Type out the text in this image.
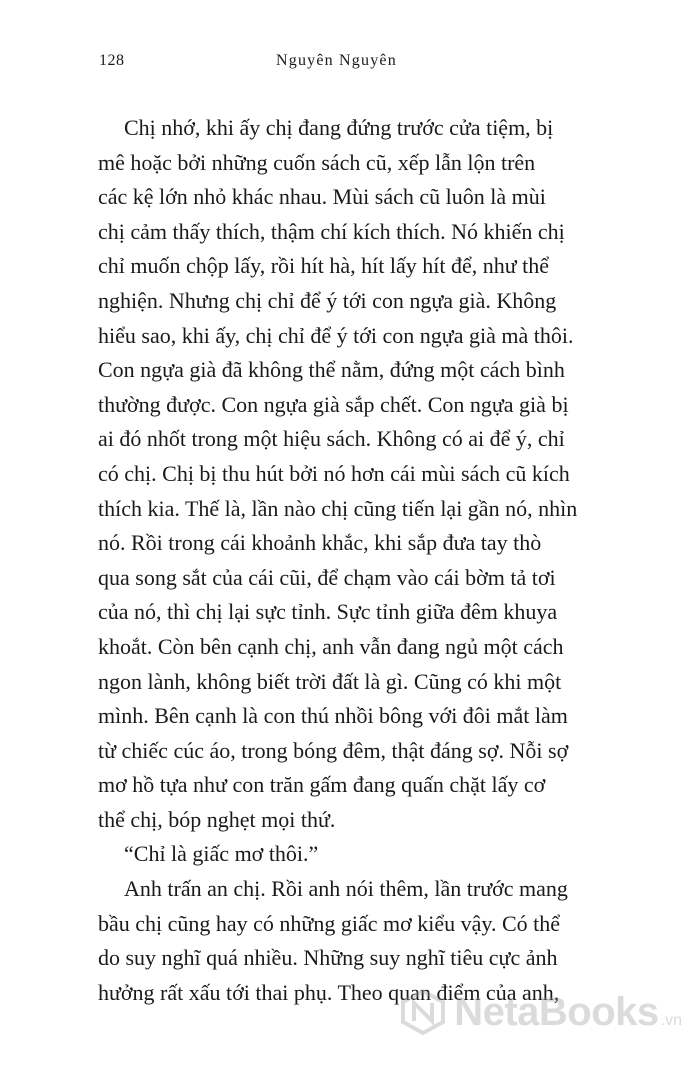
128	Nguyên Nguyên
Chị nhớ, khi ấy chị đang đứng trước cửa tiệm, bị
mê hoặc bởi những cuốn sách cũ, xếp lẫn lộn trên
các kệ lớn nhỏ khác nhau. Mùi sách cũ luôn là mùi
chị cảm thấy thích, thậm chí kích thích. Nó khiến chị
chỉ muốn chộp lấy, rồi hít hà, hít lấy hít để, như thể
nghiện. Nhưng chị chỉ để ý tới con ngựa già. Không
hiểu sao, khi ấy, chị chỉ để ý tới con ngựa già mà thôi.
Con ngựa già đã không thể nằm, đứng một cách bình
thường được. Con ngựa già sắp chết. Con ngựa già bị
ai đó nhốt trong một hiệu sách. Không có ai để ý, chỉ
có chị. Chị bị thu hút bởi nó hơn cái mùi sách cũ kích
thích kia. Thế là, lần nào chị cũng tiến lại gần nó, nhìn
nó. Rồi trong cái khoảnh khắc, khi sắp đưa tay thò
qua song sắt của cái cũi, để chạm vào cái bờm tả tơi
của nó, thì chị lại sực tỉnh. Sực tỉnh giữa đêm khuya
khoắt. Còn bên cạnh chị, anh vẫn đang ngủ một cách
ngon lành, không biết trời đất là gì. Cũng có khi một
mình. Bên cạnh là con thú nhồi bông với đôi mắt làm
từ chiếc cúc áo, trong bóng đêm, thật đáng sợ. Nỗi sợ
mơ hồ tựa như con trăn gấm đang quấn chặt lấy cơ
thể chị, bóp nghẹt mọi thứ.
“Chỉ là giấc mơ thôi.”
Anh trấn an chị. Rồi anh nói thêm, lần trước mang
bầu chị cũng hay có những giấc mơ kiểu vậy. Có thể
do suy nghĩ quá nhiều. Những suy nghĩ tiêu cực ảnh
hưởng rất xấu tới thai phụ. Theo quan điểm của anh,
NetaBooks .vn
